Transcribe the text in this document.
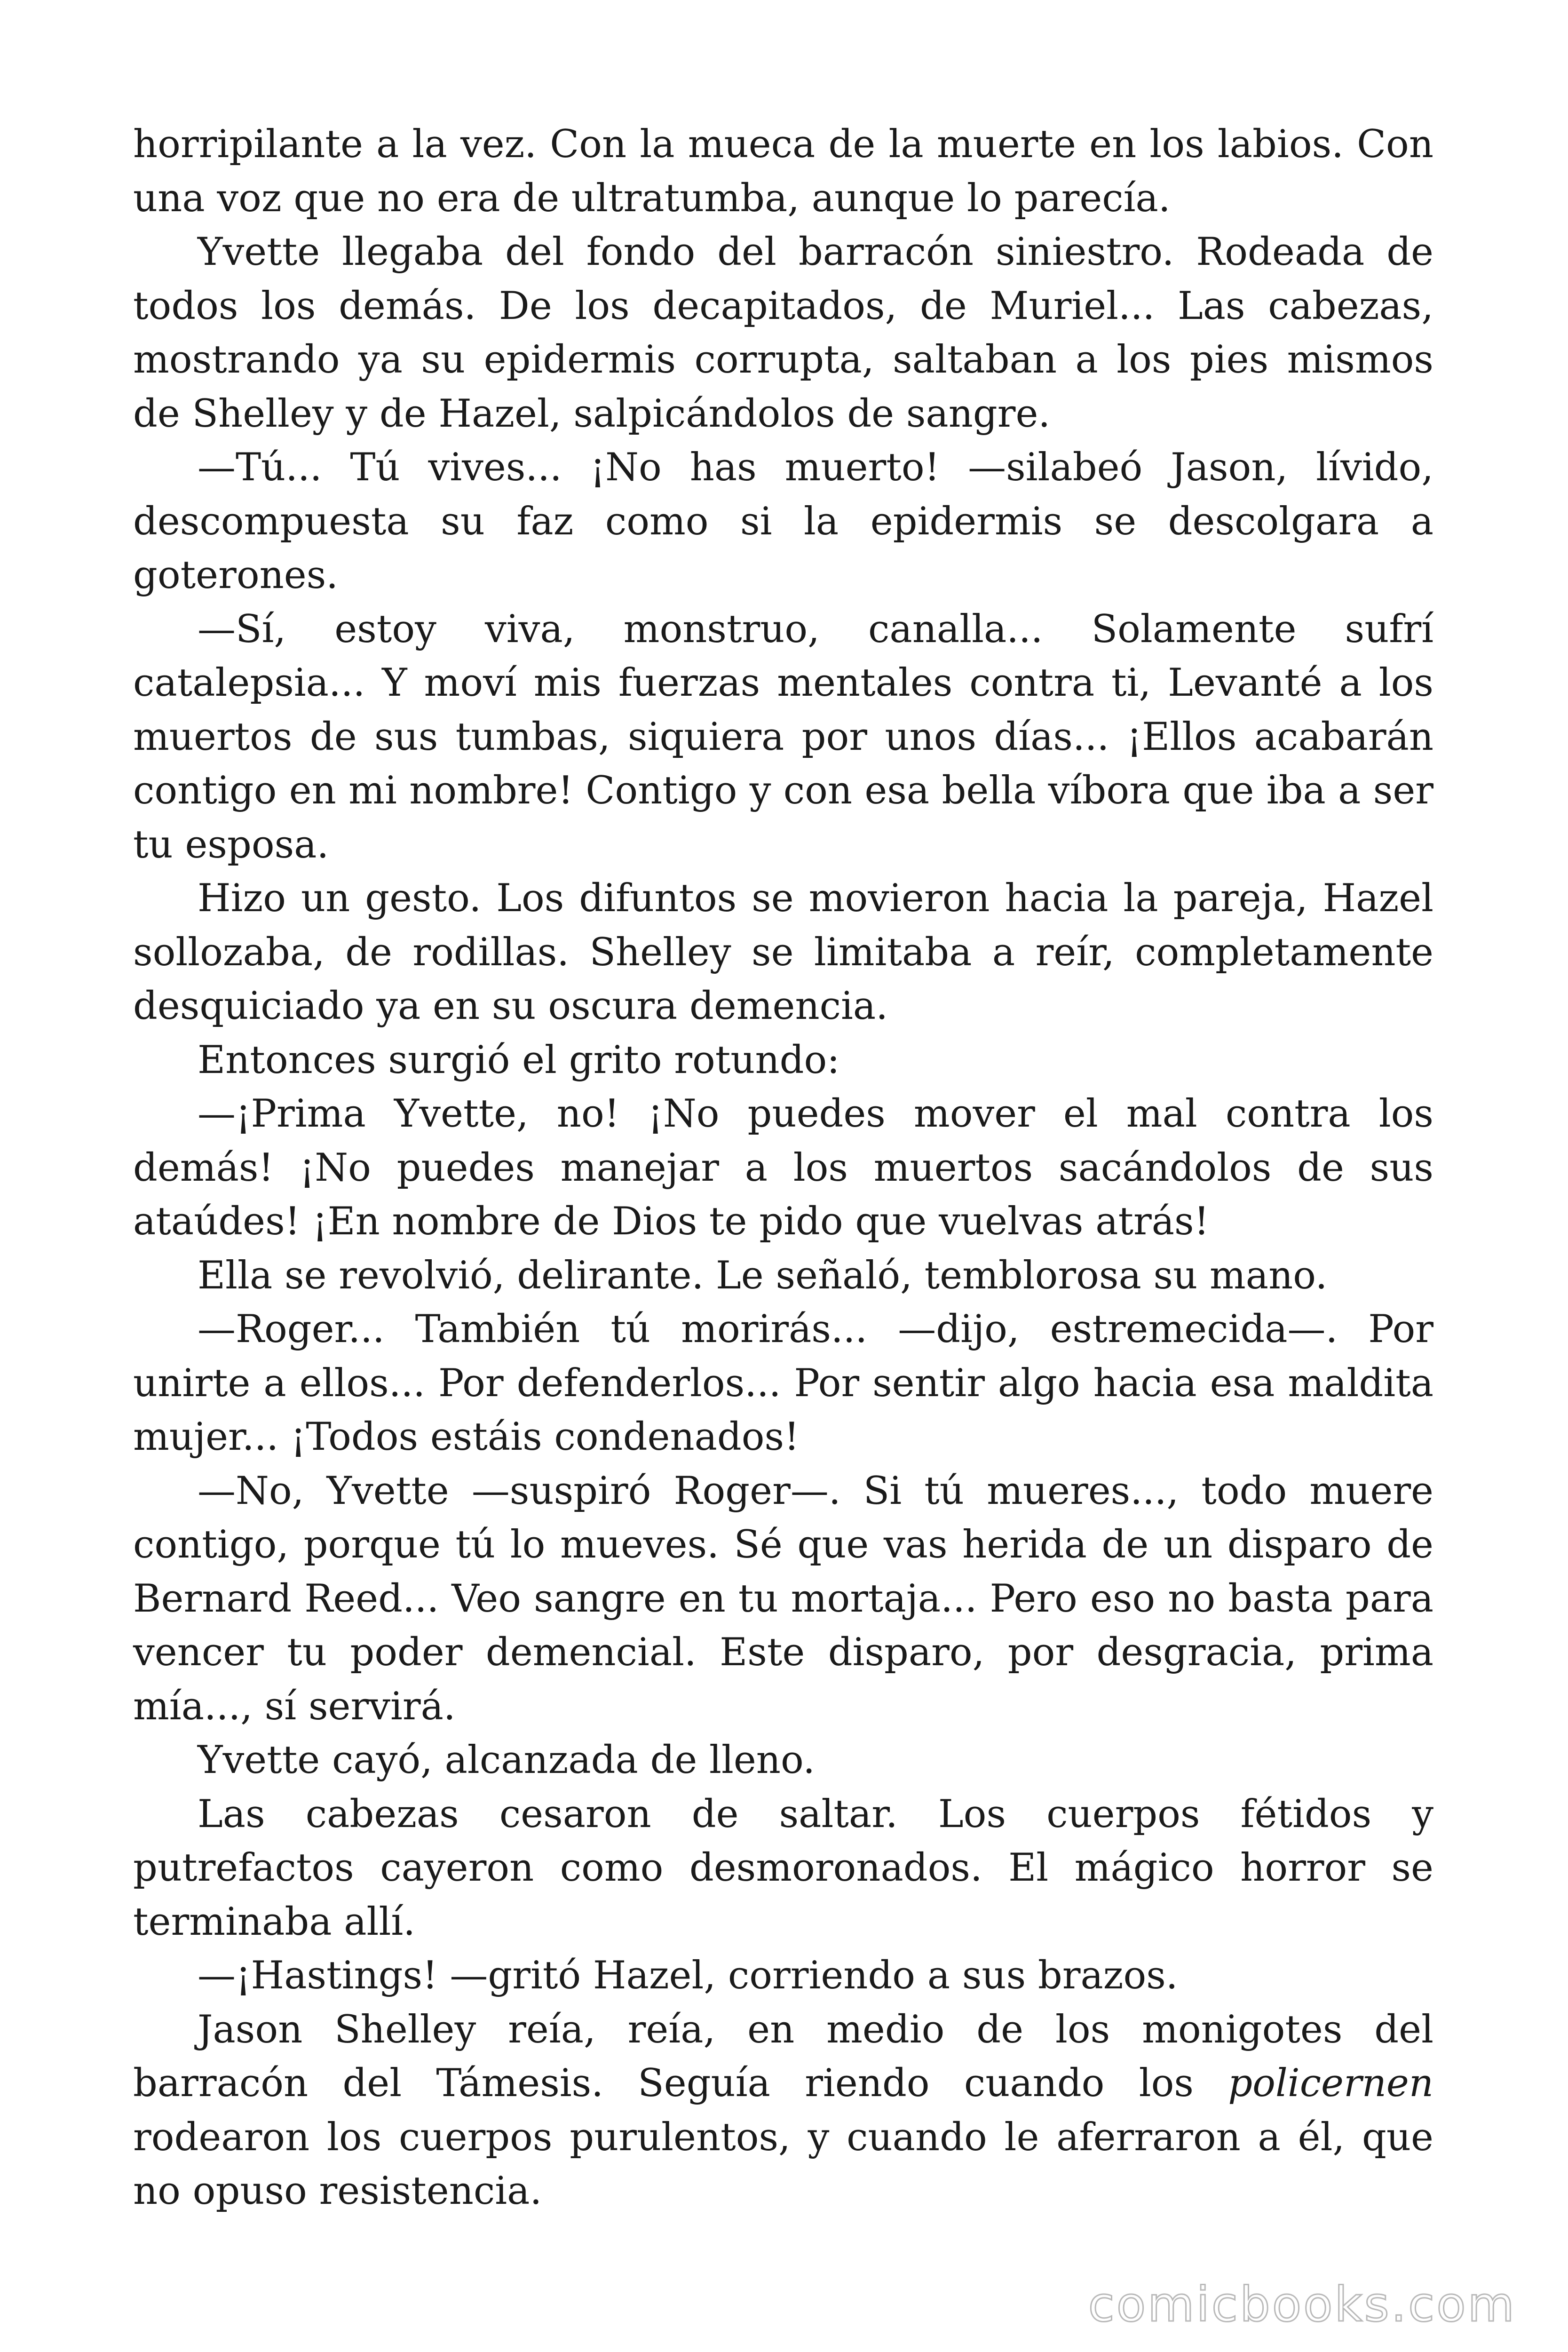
horripilante a la vez. Con la mueca de la muerte en los labios. Con una voz que no era de ultratumba, aunque lo parecía.

Yvette llegaba del fondo del barracón siniestro. Rodeada de todos los demás. De los decapitados, de Muriel... Las cabezas, mostrando ya su epidermis corrupta, saltaban a los pies mismos de Shelley y de Hazel, salpicándolos de sangre.

—Tú... Tú vives... ¡No has muerto! —silabeó Jason, lívido, descompuesta su faz como si la epidermis se descolgara a goterones.

—Sí, estoy viva, monstruo, canalla... Solamente sufrí catalepsia... Y moví mis fuerzas mentales contra ti, Levanté a los muertos de sus tumbas, siquiera por unos días... ¡Ellos acabarán contigo en mi nombre! Contigo y con esa bella víbora que iba a ser tu esposa.

Hizo un gesto. Los difuntos se movieron hacia la pareja, Hazel sollozaba, de rodillas. Shelley se limitaba a reír, completamente desquiciado ya en su oscura demencia.

Entonces surgió el grito rotundo:

—¡Prima Yvette, no! ¡No puedes mover el mal contra los demás! ¡No puedes manejar a los muertos sacándolos de sus ataúdes! ¡En nombre de Dios te pido que vuelvas atrás!

Ella se revolvió, delirante. Le señaló, temblorosa su mano.

—Roger... También tú morirás... —dijo, estremecida—. Por unirte a ellos... Por defenderlos... Por sentir algo hacia esa maldita mujer... ¡Todos estáis condenados!

—No, Yvette —suspiró Roger—. Si tú mueres..., todo muere contigo, porque tú lo mueves. Sé que vas herida de un disparo de Bernard Reed... Veo sangre en tu mortaja... Pero eso no basta para vencer tu poder demencial. Este disparo, por desgracia, prima mía..., sí servirá.

Yvette cayó, alcanzada de lleno.

Las cabezas cesaron de saltar. Los cuerpos fétidos y putrefactos cayeron como desmoronados. El mágico horror se terminaba allí.

—¡Hastings! —gritó Hazel, corriendo a sus brazos.

Jason Shelley reía, reía, en medio de los monigotes del barracón del Támesis. Seguía riendo cuando los policernen rodearon los cuerpos purulentos, y cuando le aferraron a él, que no opuso resistencia.

comicbooks.com
